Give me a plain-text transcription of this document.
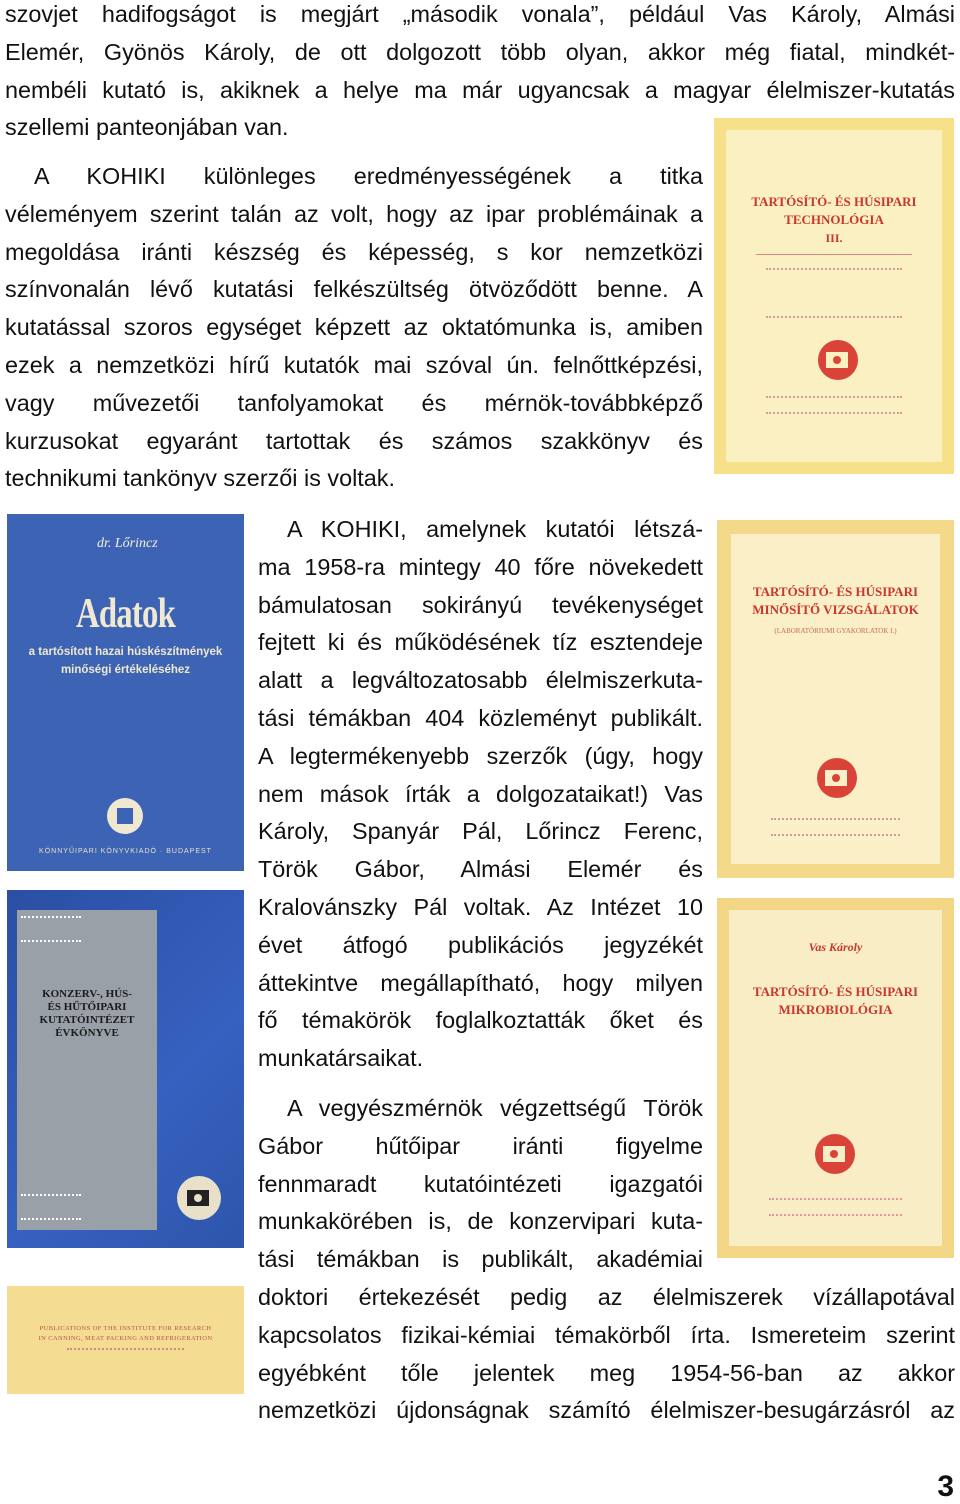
szovjet hadifogságot is megjárt „második vonala”, például Vas Károly, Almási
Elemér, Gyönös Károly, de ott dolgozott több olyan, akkor még fiatal, mindkét-
nembéli kutató is, akiknek a helye ma már ugyancsak a magyar élelmiszer-kutatás
szellemi panteonjában van.
A KOHIKI különleges eredményességének a titka
véleményem szerint talán az volt, hogy az ipar problémáinak a
megoldása iránti készség és képesség, s kor nemzetközi
színvonalán lévő kutatási felkészültség ötvöződött benne. A
kutatással szoros egységet képzett az oktatómunka is, amiben
ezek a nemzetközi hírű kutatók mai szóval ún. felnőttképzési,
vagy művezetői tanfolyamokat és mérnök-továbbképző
kurzusokat egyaránt tartottak és számos szakkönyv és
technikumi tankönyv szerzői is voltak.
A KOHIKI, amelynek kutatói létszá-
ma 1958-ra mintegy 40 főre növekedett
bámulatosan sokirányú tevékenységet
fejtett ki és működésének tíz esztendeje
alatt a legváltozatosabb élelmiszerkuta-
tási témákban 404 közleményt publikált.
A legtermékenyebb szerzők (úgy, hogy
nem mások írták a dolgozataikat!) Vas
Károly, Spanyár Pál, Lőrincz Ferenc,
Török Gábor, Almási Elemér és
Kralovánszky Pál voltak. Az Intézet 10
évet átfogó publikációs jegyzékét
áttekintve megállapítható, hogy milyen
fő témakörök foglalkoztatták őket és
munkatársaikat.
A vegyészmérnök végzettségű Török
Gábor hűtőipar iránti figyelme
fennmaradt kutatóintézeti igazgatói
munkakörében is, de konzervipari kuta-
tási témákban is publikált, akadémiai
doktori értekezését pedig az élelmiszerek vízállapotával
kapcsolatos fizikai-kémiai témakörből írta. Ismereteim szerint
egyébként tőle jelentek meg 1954-56-ban az akkor
nemzetközi újdonságnak számító élelmiszer-besugárzásról az
TARTÓSÍTÓ- ÉS HÚSIPARI
TECHNOLÓGIA
III.
dr. Lőrincz
Adatok
a tartósított hazai húskészítmények
minőségi értékeléséhez
KÖNNYŰIPARI KÖNYVKIADÓ · BUDAPEST
TARTÓSÍTÓ- ÉS HÚSIPARI
MINŐSÍTŐ VIZSGÁLATOK
(LABORATÓRIUMI GYAKORLATOK I.)
KONZERV-, HÚS-
ÉS HŰTŐIPARI
KUTATÓINTÉZET
ÉVKÖNYVE
Vas Károly
TARTÓSÍTÓ- ÉS HÚSIPARI
MIKROBIOLÓGIA
PUBLICATIONS OF THE INSTITUTE FOR RESEARCH
IN CANNING, MEAT PACKING AND REFRIGERATION

3
